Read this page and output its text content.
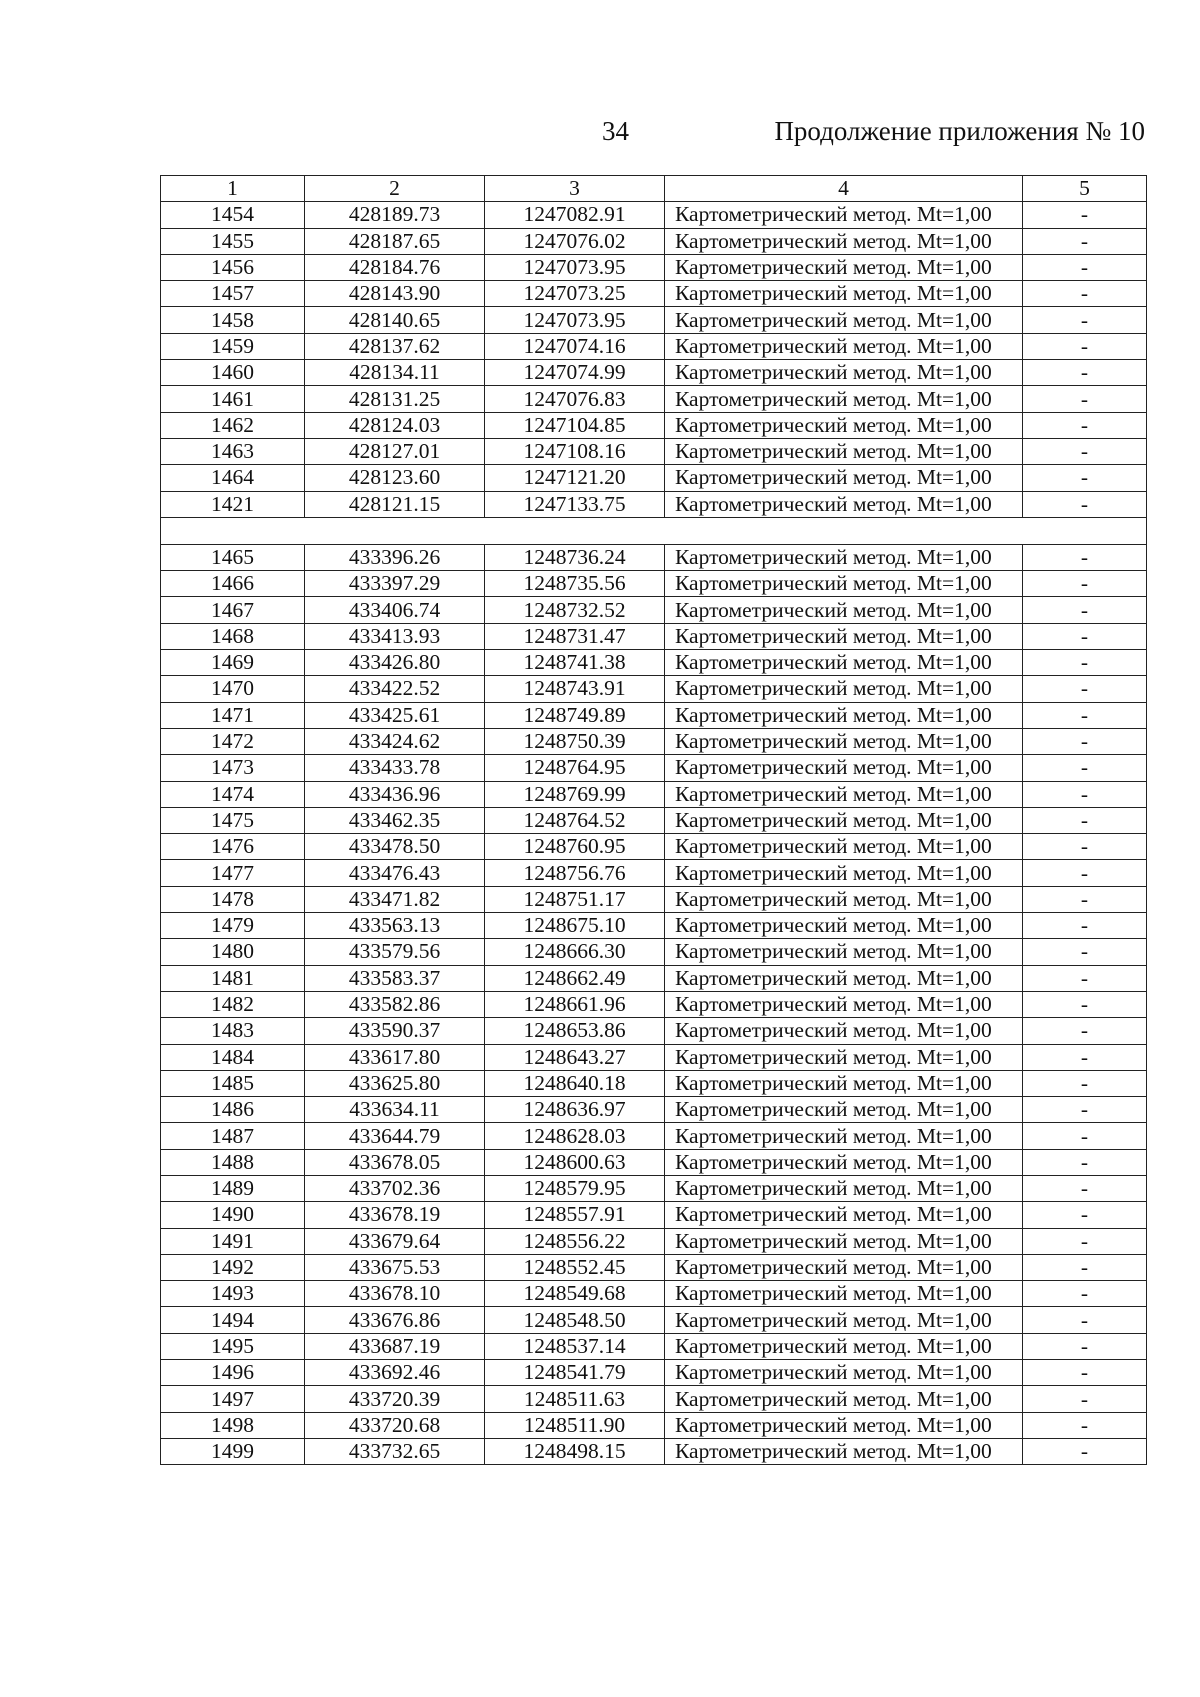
34	Продолжение приложения № 10
1	2	3	4	5
1454	428189.73	1247082.91	Картометрический метод. Mt=1,00	-
1455	428187.65	1247076.02	Картометрический метод. Mt=1,00	-
1456	428184.76	1247073.95	Картометрический метод. Mt=1,00	-
1457	428143.90	1247073.25	Картометрический метод. Mt=1,00	-
1458	428140.65	1247073.95	Картометрический метод. Mt=1,00	-
1459	428137.62	1247074.16	Картометрический метод. Mt=1,00	-
1460	428134.11	1247074.99	Картометрический метод. Mt=1,00	-
1461	428131.25	1247076.83	Картометрический метод. Mt=1,00	-
1462	428124.03	1247104.85	Картометрический метод. Mt=1,00	-
1463	428127.01	1247108.16	Картометрический метод. Mt=1,00	-
1464	428123.60	1247121.20	Картометрический метод. Mt=1,00	-
1421	428121.15	1247133.75	Картометрический метод. Mt=1,00	-

1465	433396.26	1248736.24	Картометрический метод. Mt=1,00	-
1466	433397.29	1248735.56	Картометрический метод. Mt=1,00	-
1467	433406.74	1248732.52	Картометрический метод. Mt=1,00	-
1468	433413.93	1248731.47	Картометрический метод. Mt=1,00	-
1469	433426.80	1248741.38	Картометрический метод. Mt=1,00	-
1470	433422.52	1248743.91	Картометрический метод. Mt=1,00	-
1471	433425.61	1248749.89	Картометрический метод. Mt=1,00	-
1472	433424.62	1248750.39	Картометрический метод. Mt=1,00	-
1473	433433.78	1248764.95	Картометрический метод. Mt=1,00	-
1474	433436.96	1248769.99	Картометрический метод. Mt=1,00	-
1475	433462.35	1248764.52	Картометрический метод. Mt=1,00	-
1476	433478.50	1248760.95	Картометрический метод. Mt=1,00	-
1477	433476.43	1248756.76	Картометрический метод. Mt=1,00	-
1478	433471.82	1248751.17	Картометрический метод. Mt=1,00	-
1479	433563.13	1248675.10	Картометрический метод. Mt=1,00	-
1480	433579.56	1248666.30	Картометрический метод. Mt=1,00	-
1481	433583.37	1248662.49	Картометрический метод. Mt=1,00	-
1482	433582.86	1248661.96	Картометрический метод. Mt=1,00	-
1483	433590.37	1248653.86	Картометрический метод. Mt=1,00	-
1484	433617.80	1248643.27	Картометрический метод. Mt=1,00	-
1485	433625.80	1248640.18	Картометрический метод. Mt=1,00	-
1486	433634.11	1248636.97	Картометрический метод. Mt=1,00	-
1487	433644.79	1248628.03	Картометрический метод. Mt=1,00	-
1488	433678.05	1248600.63	Картометрический метод. Mt=1,00	-
1489	433702.36	1248579.95	Картометрический метод. Mt=1,00	-
1490	433678.19	1248557.91	Картометрический метод. Mt=1,00	-
1491	433679.64	1248556.22	Картометрический метод. Mt=1,00	-
1492	433675.53	1248552.45	Картометрический метод. Mt=1,00	-
1493	433678.10	1248549.68	Картометрический метод. Mt=1,00	-
1494	433676.86	1248548.50	Картометрический метод. Mt=1,00	-
1495	433687.19	1248537.14	Картометрический метод. Mt=1,00	-
1496	433692.46	1248541.79	Картометрический метод. Mt=1,00	-
1497	433720.39	1248511.63	Картометрический метод. Mt=1,00	-
1498	433720.68	1248511.90	Картометрический метод. Mt=1,00	-
1499	433732.65	1248498.15	Картометрический метод. Mt=1,00	-
